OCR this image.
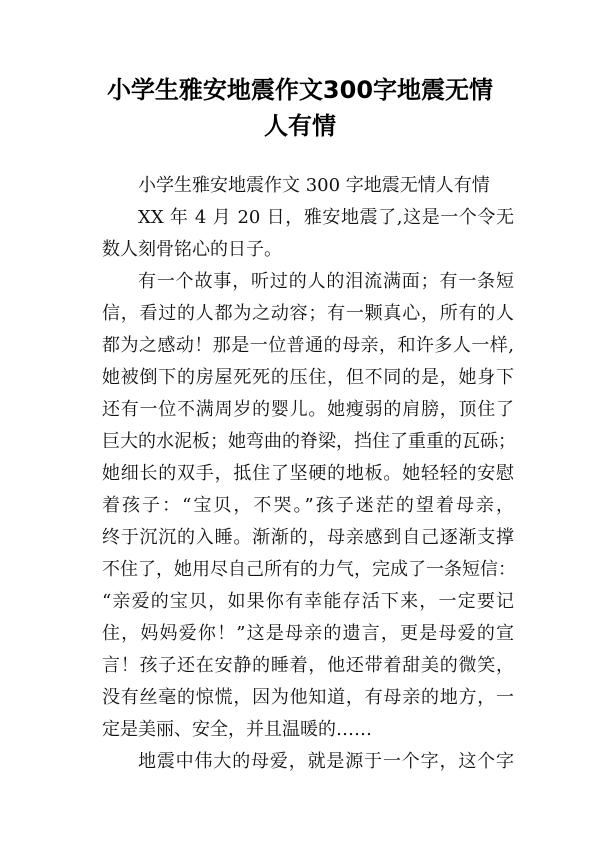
小学生雅安地震作文300字地震无情
人有情
小学生雅安地震作文 300 字地震无情人有情
XX 年 4 月 20 日，雅安地震了,这是一个令无
数人刻骨铭心的日子。
有一个故事，听过的人的泪流满面；有一条短
信，看过的人都为之动容；有一颗真心，所有的人
都为之感动！那是一位普通的母亲，和许多人一样,
她被倒下的房屋死死的压住，但不同的是，她身下
还有一位不满周岁的婴儿。她瘦弱的肩膀，顶住了
巨大的水泥板；她弯曲的脊梁，挡住了重重的瓦砾；
她细长的双手，抵住了坚硬的地板。她轻轻的安慰
着孩子：“宝贝，不哭。”孩子迷茫的望着母亲，
终于沉沉的入睡。渐渐的，母亲感到自己逐渐支撑
不住了，她用尽自己所有的力气，完成了一条短信：
“亲爱的宝贝，如果你有幸能存活下来，一定要记
住，妈妈爱你！”这是母亲的遗言，更是母爱的宣
言！孩子还在安静的睡着，他还带着甜美的微笑，
没有丝毫的惊慌，因为他知道，有母亲的地方，一
定是美丽、安全，并且温暖的……
地震中伟大的母爱，就是源于一个字，这个字
